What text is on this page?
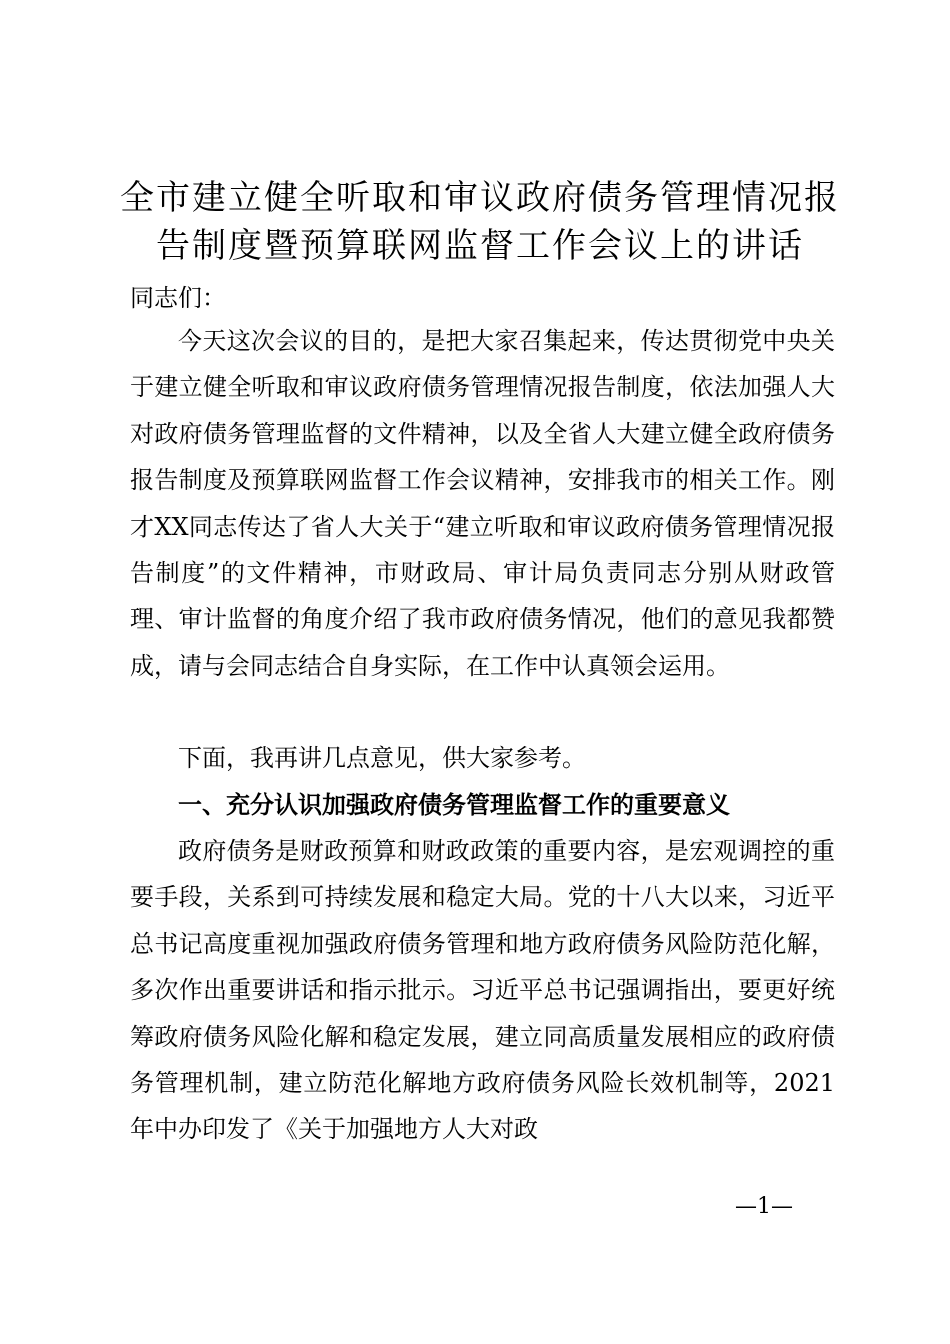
全市建立健全听取和审议政府债务管理情况报
告制度暨预算联网监督工作会议上的讲话
同志们：

今天这次会议的目的，是把大家召集起来，传达贯彻党中央关于建立健全听取和审议政府债务管理情况报告制度，依法加强人大对政府债务管理监督的文件精神，以及全省人大建立健全政府债务报告制度及预算联网监督工作会议精神，安排我市的相关工作。刚才XX同志传达了省人大关于“建立听取和审议政府债务管理情况报告制度”的文件精神，市财政局、审计局负责同志分别从财政管理、审计监督的角度介绍了我市政府债务情况，他们的意见我都赞成，请与会同志结合自身实际，在工作中认真领会运用。

下面，我再讲几点意见，供大家参考。

一、充分认识加强政府债务管理监督工作的重要意义

政府债务是财政预算和财政政策的重要内容，是宏观调控的重要手段，关系到可持续发展和稳定大局。党的十八大以来，习近平总书记高度重视加强政府债务管理和地方政府债务风险防范化解，多次作出重要讲话和指示批示。习近平总书记强调指出，要更好统筹政府债务风险化解和稳定发展，建立同高质量发展相应的政府债务管理机制，建立防范化解地方政府债务风险长效机制等，2021年中办印发了《关于加强地方人大对政

—1—
